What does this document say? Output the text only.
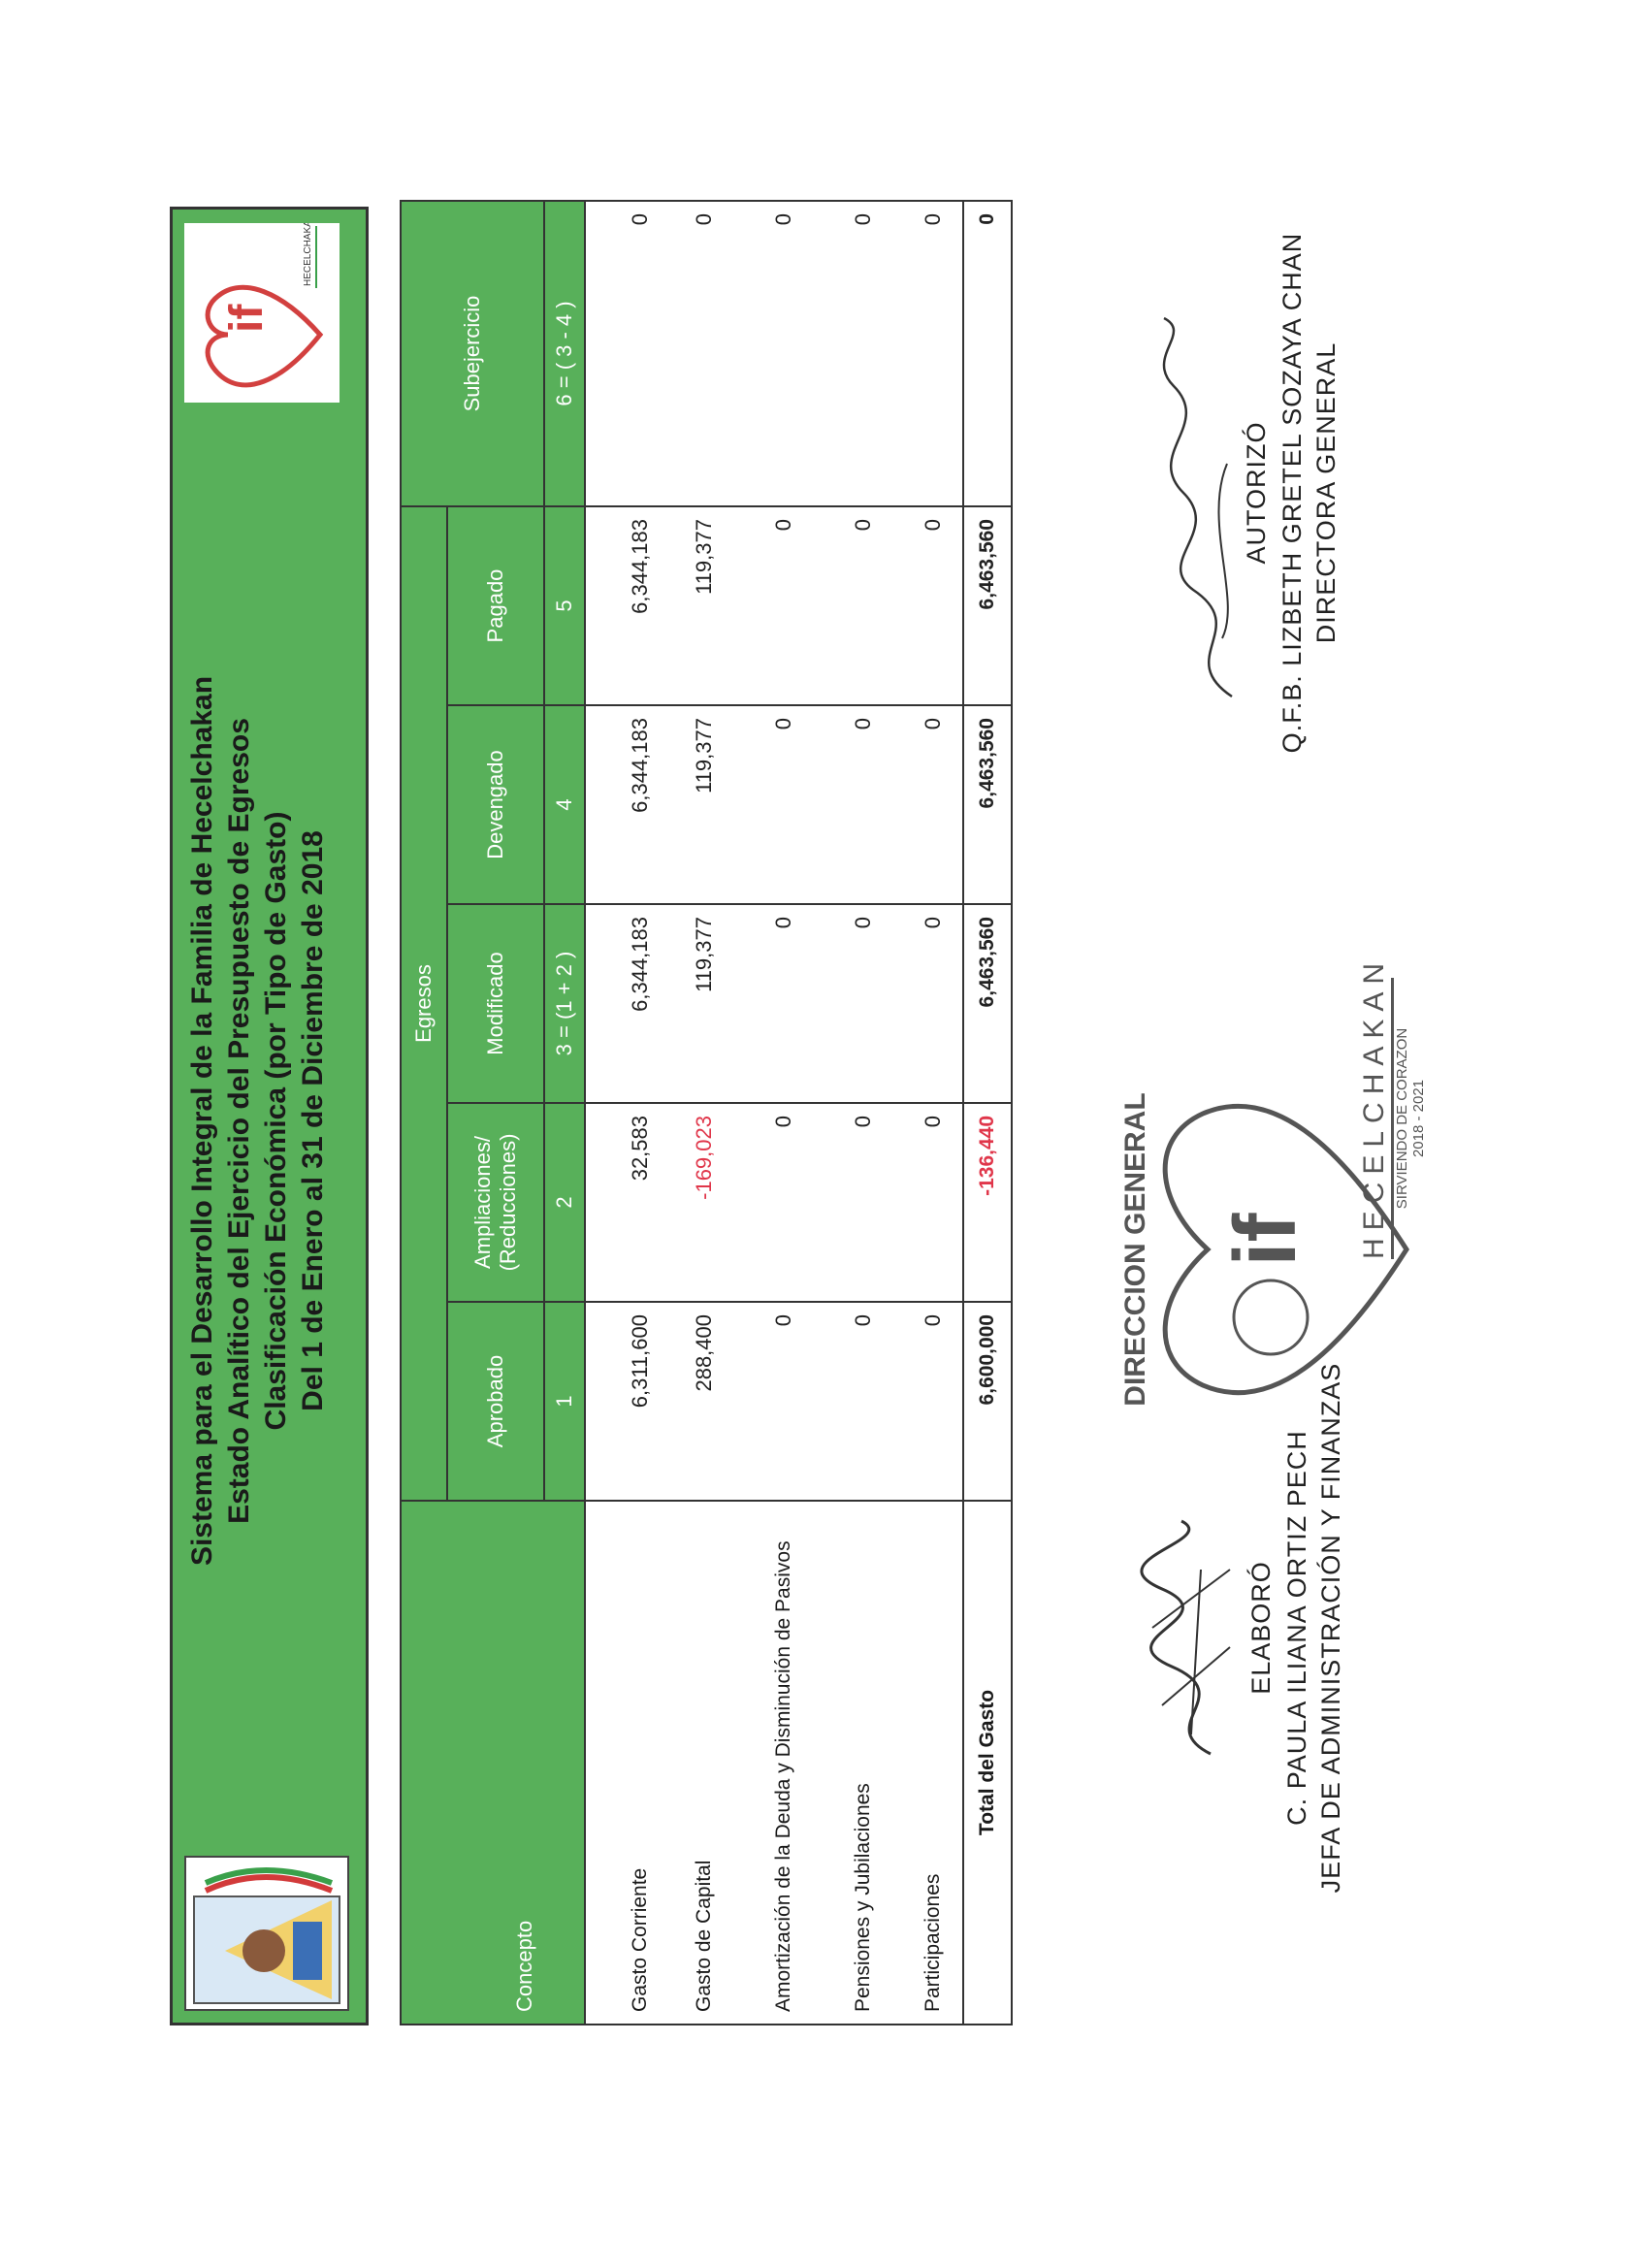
Sistema para el Desarrollo Integral de la Familia de Hecelchakan Estado Analítico del Ejercicio del Presupuesto de Egresos Clasificación Económica (por Tipo de Gasto) Del 1 de Enero al 31 de Diciembre de 2018
if
HECELCHAKAN
Concepto	Egresos					Subejercicio
	Aprobado	Ampliaciones/ (Reducciones)	Modificado	Devengado	Pagado	
	1	2	3 = (1 + 2 )	4	5	6 = ( 3 - 4 )
Gasto Corriente	6,311,600	32,583	6,344,183	6,344,183	6,344,183	0
Gasto de Capital	288,400	-169,023	119,377	119,377	119,377	0
Amortización de la Deuda y Disminución de Pasivos	0	0	0	0	0	0
Pensiones y Jubilaciones	0	0	0	0	0	0
Participaciones	0	0	0	0	0	0
Total del Gasto	6,600,000	-136,440	6,463,560	6,463,560	6,463,560	0
ELABORÓ C. PAULA ILIANA ORTIZ PECH JEFA DE ADMINISTRACIÓN Y FINANZAS
DIRECCION GENERAL if HECELCHAKAN SIRVIENDO DE CORAZON 2018 - 2021
AUTORIZÓ Q.F.B. LIZBETH GRETEL SOZAYA CHAN DIRECTORA GENERAL
